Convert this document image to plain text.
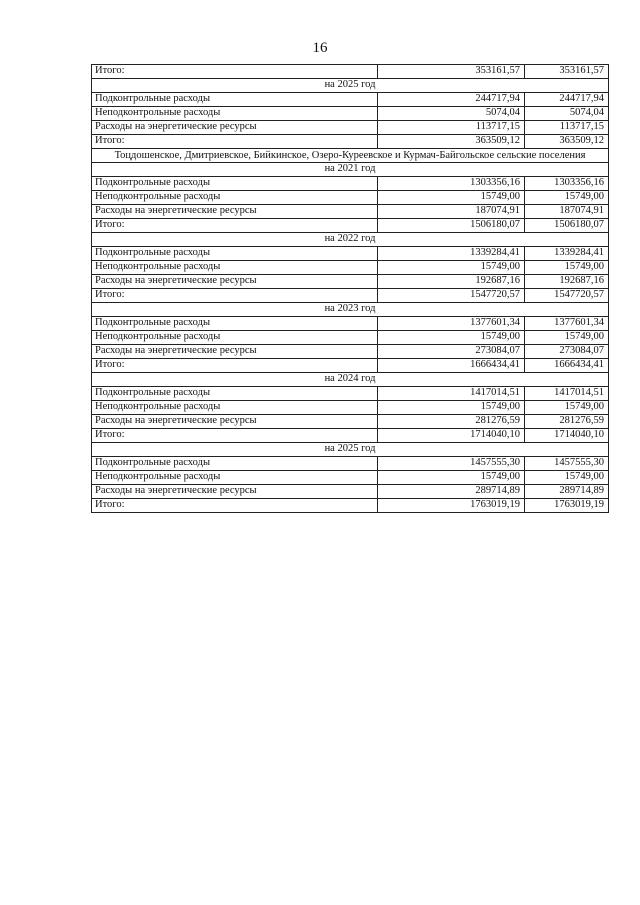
16
Итого:	353161,57	353161,57
на 2025 год		
Подконтрольные расходы	244717,94	244717,94
Неподконтрольные расходы	5074,04	5074,04
Расходы на энергетические ресурсы	113717,15	113717,15
Итого:	363509,12	363509,12
Тоцдошенское, Дмитриевское, Бийкинское, Озеро-Куреевское и Курмач-Байгольское сельские поселения		
на 2021 год		
Подконтрольные расходы	1303356,16	1303356,16
Неподконтрольные расходы	15749,00	15749,00
Расходы на энергетические ресурсы	187074,91	187074,91
Итого:	1506180,07	1506180,07
на 2022 год		
Подконтрольные расходы	1339284,41	1339284,41
Неподконтрольные расходы	15749,00	15749,00
Расходы на энергетические ресурсы	192687,16	192687,16
Итого:	1547720,57	1547720,57
на 2023 год		
Подконтрольные расходы	1377601,34	1377601,34
Неподконтрольные расходы	15749,00	15749,00
Расходы на энергетические ресурсы	273084,07	273084,07
Итого:	1666434,41	1666434,41
на 2024 год		
Подконтрольные расходы	1417014,51	1417014,51
Неподконтрольные расходы	15749,00	15749,00
Расходы на энергетические ресурсы	281276,59	281276,59
Итого:	1714040,10	1714040,10
на 2025 год		
Подконтрольные расходы	1457555,30	1457555,30
Неподконтрольные расходы	15749,00	15749,00
Расходы на энергетические ресурсы	289714,89	289714,89
Итого:	1763019,19	1763019,19
